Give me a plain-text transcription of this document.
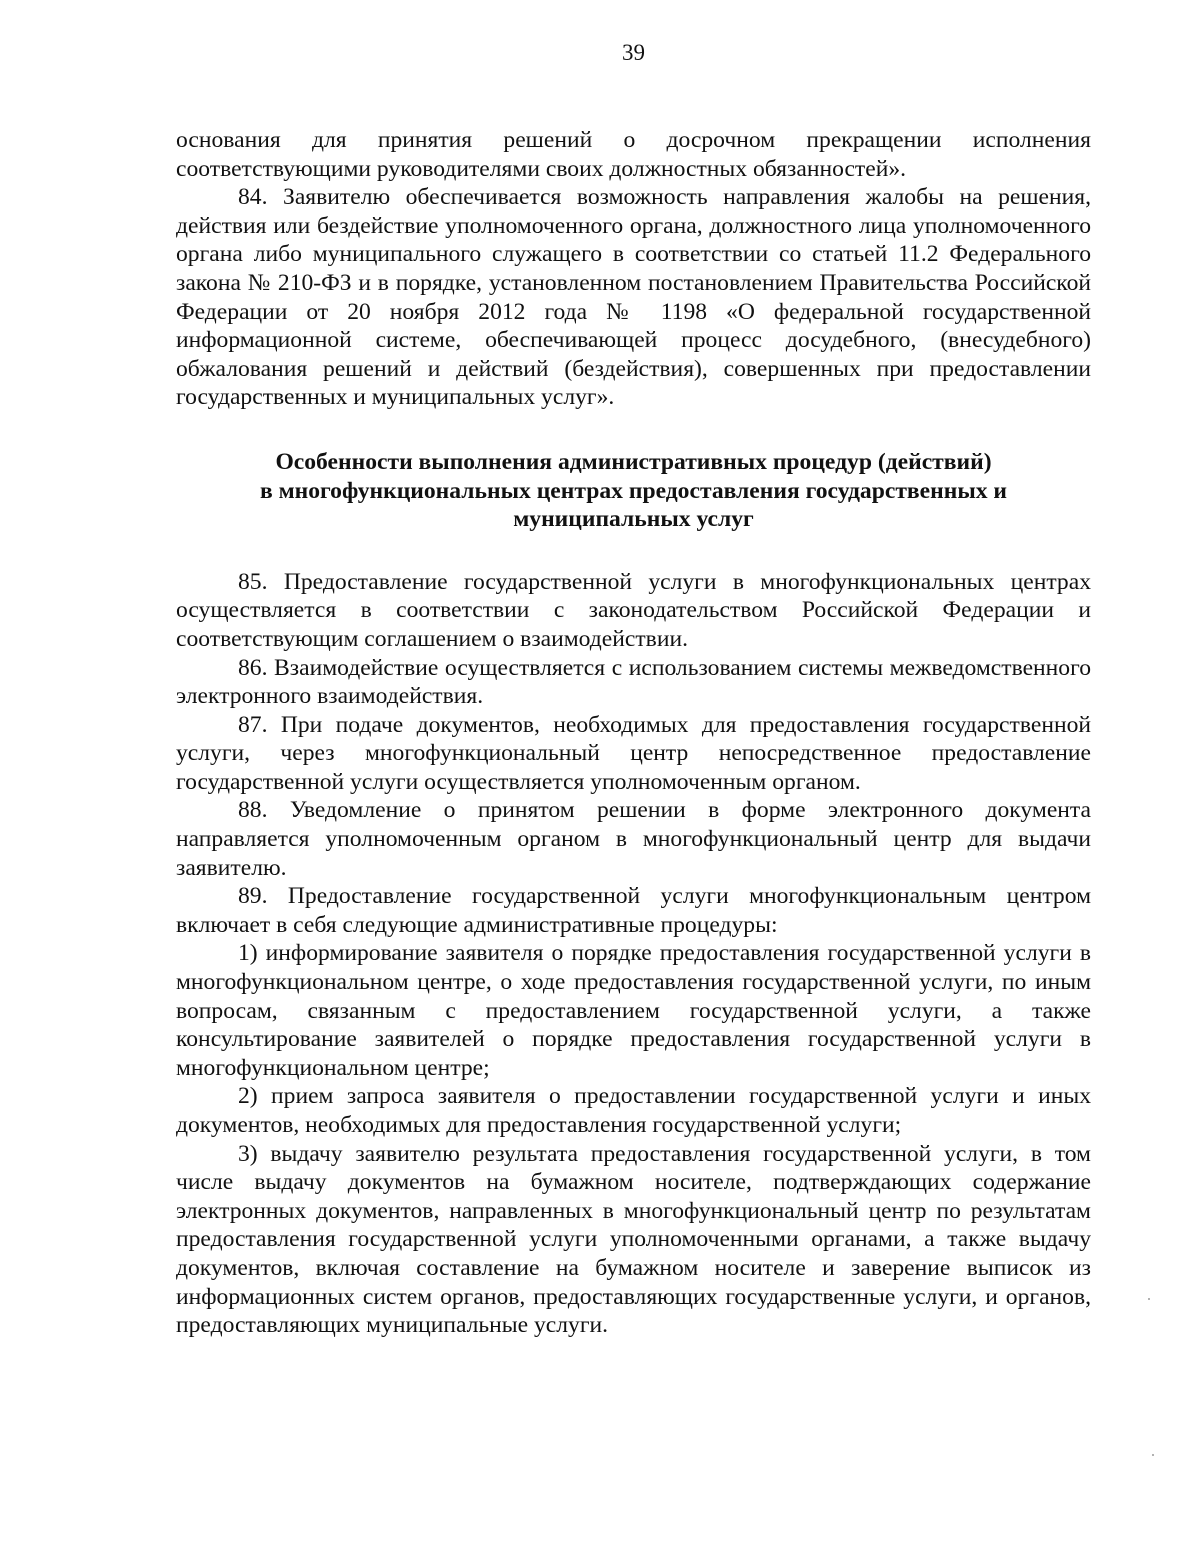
39

основания для принятия решений о досрочном прекращении исполнения соответствующими руководителями своих должностных обязанностей».

84. Заявителю обеспечивается возможность направления жалобы на решения, действия или бездействие уполномоченного органа, должностного лица уполномоченного органа либо муниципального служащего в соответствии со статьей 11.2 Федерального закона № 210-ФЗ и в порядке, установленном постановлением Правительства Российской Федерации от 20 ноября 2012 года № 1198 «О федеральной государственной информационной системе, обеспечивающей процесс досудебного, (внесудебного) обжалования решений и действий (бездействия), совершенных при предоставлении государственных и муниципальных услуг».

Особенности выполнения административных процедур (действий)
в многофункциональных центрах предоставления государственных и
муниципальных услуг

85. Предоставление государственной услуги в многофункциональных центрах осуществляется в соответствии с законодательством Российской Федерации и соответствующим соглашением о взаимодействии.

86. Взаимодействие осуществляется с использованием системы межведомственного электронного взаимодействия.

87. При подаче документов, необходимых для предоставления государственной услуги, через многофункциональный центр непосредственное предоставление государственной услуги осуществляется уполномоченным органом.

88. Уведомление о принятом решении в форме электронного документа направляется уполномоченным органом в многофункциональный центр для выдачи заявителю.

89. Предоставление государственной услуги многофункциональным центром включает в себя следующие административные процедуры:

1) информирование заявителя о порядке предоставления государственной услуги в многофункциональном центре, о ходе предоставления государственной услуги, по иным вопросам, связанным с предоставлением государственной услуги, а также консультирование заявителей о порядке предоставления государственной услуги в многофункциональном центре;

2) прием запроса заявителя о предоставлении государственной услуги и иных документов, необходимых для предоставления государственной услуги;

3) выдачу заявителю результата предоставления государственной услуги, в том числе выдачу документов на бумажном носителе, подтверждающих содержание электронных документов, направленных в многофункциональный центр по результатам предоставления государственной услуги уполномоченными органами, а также выдачу документов, включая составление на бумажном носителе и заверение выписок из информационных систем органов, предоставляющих государственные услуги, и органов, предоставляющих муниципальные услуги.
